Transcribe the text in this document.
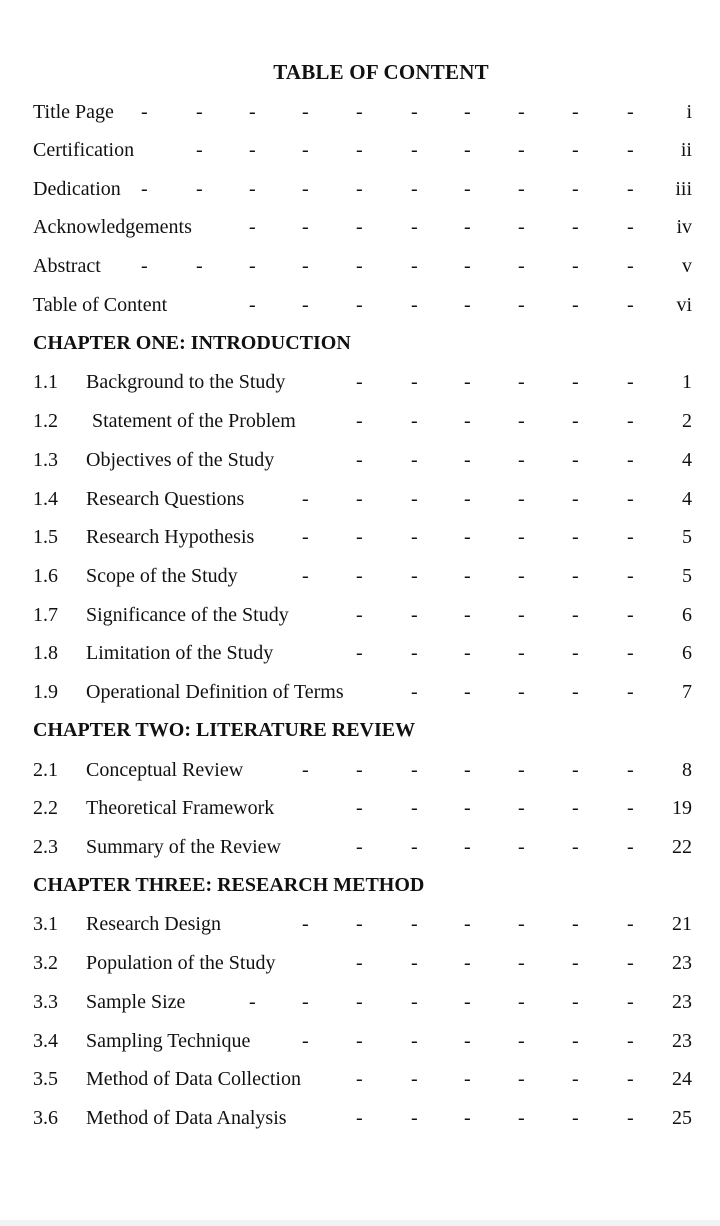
TABLE OF CONTENT
Title Page - - - - - - - - - -	i
Certification	- - - - - - - - - ii
Dedication - - - - - - - - - - iii
Acknowledgements	- - - - - - - - iv
Abstract - - - - - - - - - - v
Table of Content	- - - - - - - - vi
CHAPTER ONE: INTRODUCTION
1.1 Background to the Study	- - - - - - 1
1.2 Statement of the Problem	- - - - - - 2
1.3 Objectives of the Study	- - - - - - 4
1.4 Research Questions	- - - - - - - 4
1.5 Research Hypothesis - - - - - - - 5
1.6 Scope of the Study	- - - - - - - 5
1.7 Significance of the Study	- - - - - - 6
1.8 Limitation of the Study	- - - - - - 6
1.9 Operational Definition of Terms	- - - - - 7
CHAPTER TWO: LITERATURE REVIEW
2.1 Conceptual Review	- - - - - - - 8
2.2 Theoretical Framework	- - - - - - 19
2.3 Summary of the Review	- - - - - - 22
CHAPTER THREE: RESEARCH METHOD
3.1 Research Design	- - - - - - - 21
3.2 Population of the Study	- - - - - - 23
3.3 Sample Size	- - - - - - - - 23
3.4 Sampling Technique	- - - - - - - 23
3.5 Method of Data Collection	- - - - - - 24
3.6 Method of Data Analysis	- - - - - - 25
